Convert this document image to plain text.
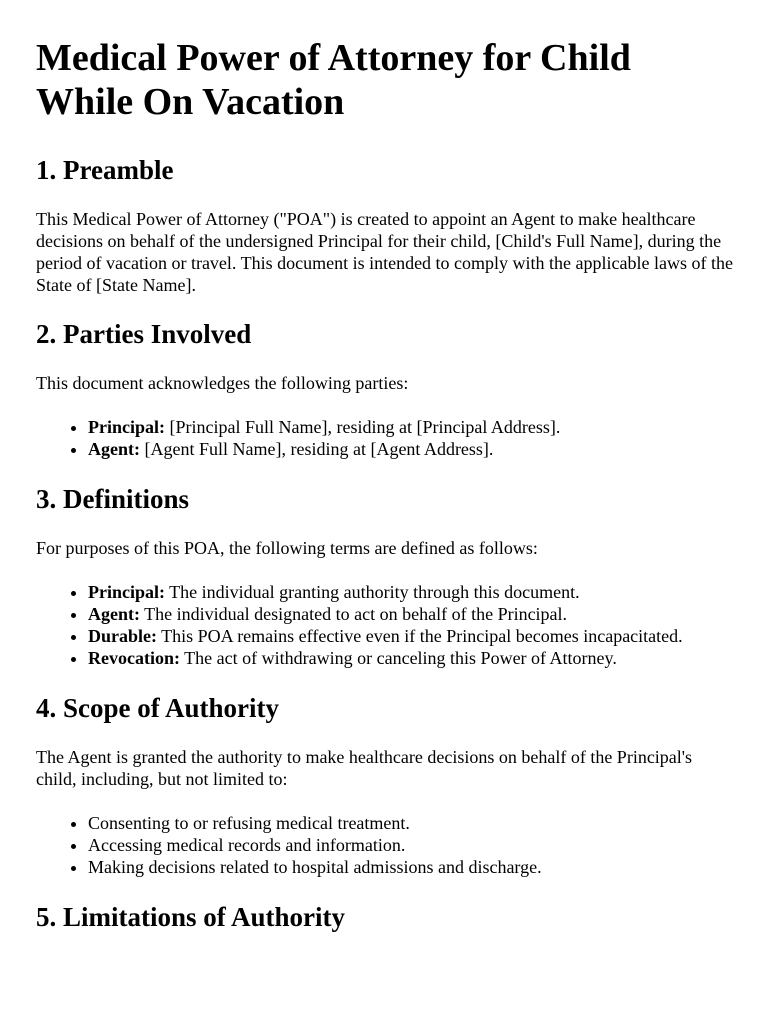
Medical Power of Attorney for Child While On Vacation
1. Preamble

This Medical Power of Attorney ("POA") is created to appoint an Agent to make healthcare decisions on behalf of the undersigned Principal for their child, [Child's Full Name], during the period of vacation or travel. This document is intended to comply with the applicable laws of the State of [State Name].

2. Parties Involved

This document acknowledges the following parties:

• Principal: [Principal Full Name], residing at [Principal Address].
• Agent: [Agent Full Name], residing at [Agent Address].
3. Definitions

For purposes of this POA, the following terms are defined as follows:

• Principal: The individual granting authority through this document.
• Agent: The individual designated to act on behalf of the Principal.
• Durable: This POA remains effective even if the Principal becomes incapacitated.
• Revocation: The act of withdrawing or canceling this Power of Attorney.
4. Scope of Authority

The Agent is granted the authority to make healthcare decisions on behalf of the Principal's child, including, but not limited to:

• Consenting to or refusing medical treatment.
• Accessing medical records and information.
• Making decisions related to hospital admissions and discharge.
5. Limitations of Authority
